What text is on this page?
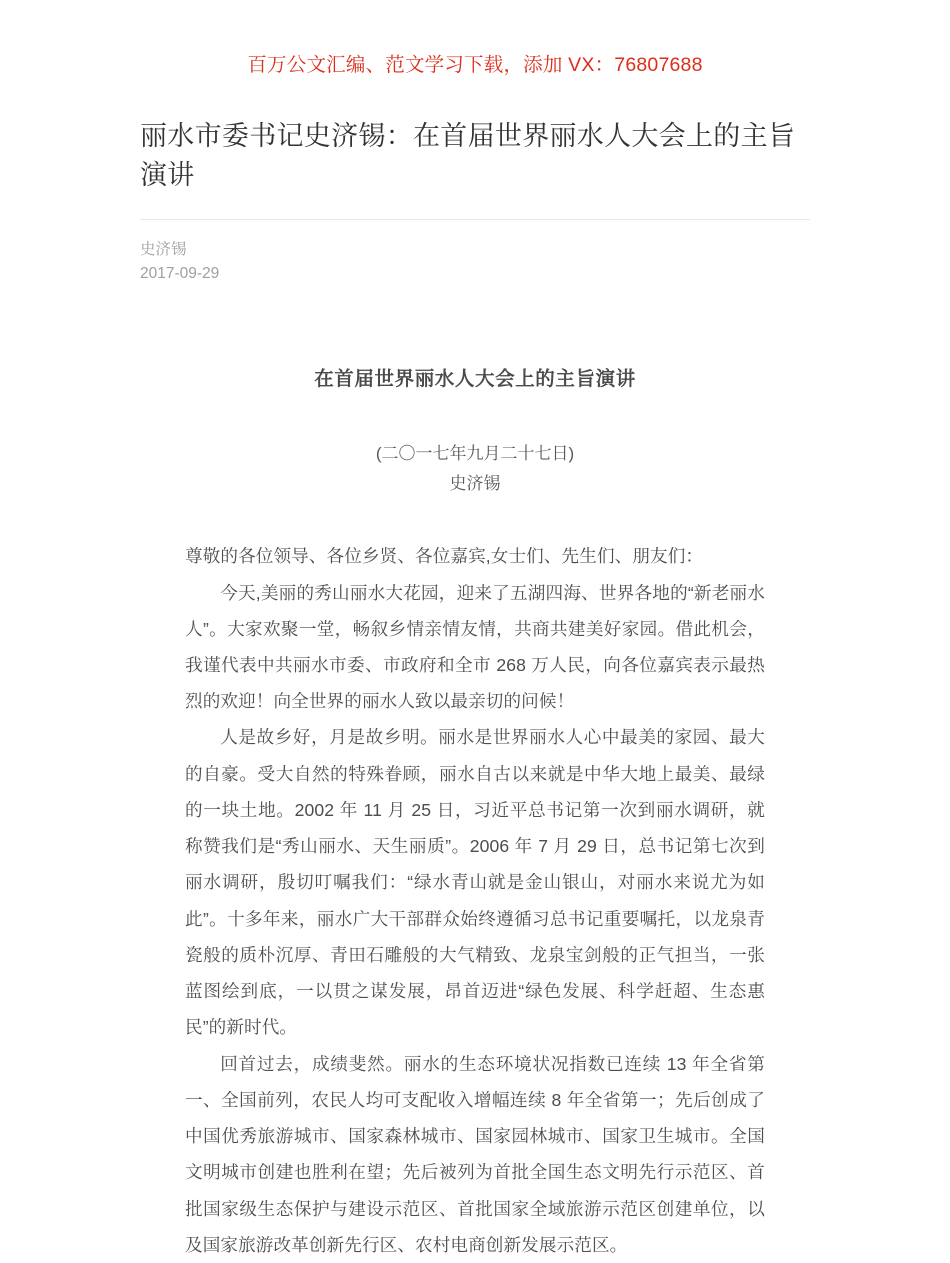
百万公文汇编、范文学习下载，添加 VX：76807688
丽水市委书记史济锡：在首届世界丽水人大会上的主旨演讲
史济锡
2017-09-29
在首届世界丽水人大会上的主旨演讲
(二〇一七年九月二十七日)
史济锡

尊敬的各位领导、各位乡贤、各位嘉宾,女士们、先生们、朋友们：

今天,美丽的秀山丽水大花园，迎来了五湖四海、世界各地的“新老丽水人”。大家欢聚一堂，畅叙乡情亲情友情，共商共建美好家园。借此机会，我谨代表中共丽水市委、市政府和全市 268 万人民，向各位嘉宾表示最热烈的欢迎！向全世界的丽水人致以最亲切的问候！

人是故乡好，月是故乡明。丽水是世界丽水人心中最美的家园、最大的自豪。受大自然的特殊眷顾，丽水自古以来就是中华大地上最美、最绿的一块土地。2002 年 11 月 25 日，习近平总书记第一次到丽水调研，就称赞我们是“秀山丽水、天生丽质”。2006 年 7 月 29 日，总书记第七次到丽水调研，殷切叮嘱我们：“绿水青山就是金山银山，对丽水来说尤为如此”。十多年来，丽水广大干部群众始终遵循习总书记重要嘱托，以龙泉青瓷般的质朴沉厚、青田石雕般的大气精致、龙泉宝剑般的正气担当，一张蓝图绘到底，一以贯之谋发展，昂首迈进“绿色发展、科学赶超、生态惠民”的新时代。

回首过去，成绩斐然。丽水的生态环境状况指数已连续 13 年全省第一、全国前列，农民人均可支配收入增幅连续 8 年全省第一；先后创成了中国优秀旅游城市、国家森林城市、国家园林城市、国家卫生城市。全国文明城市创建也胜利在望；先后被列为首批全国生态文明先行示范区、首批国家级生态保护与建设示范区、首批国家全域旅游示范区创建单位，以及国家旅游改革创新先行区、农村电商创新发展示范区。
